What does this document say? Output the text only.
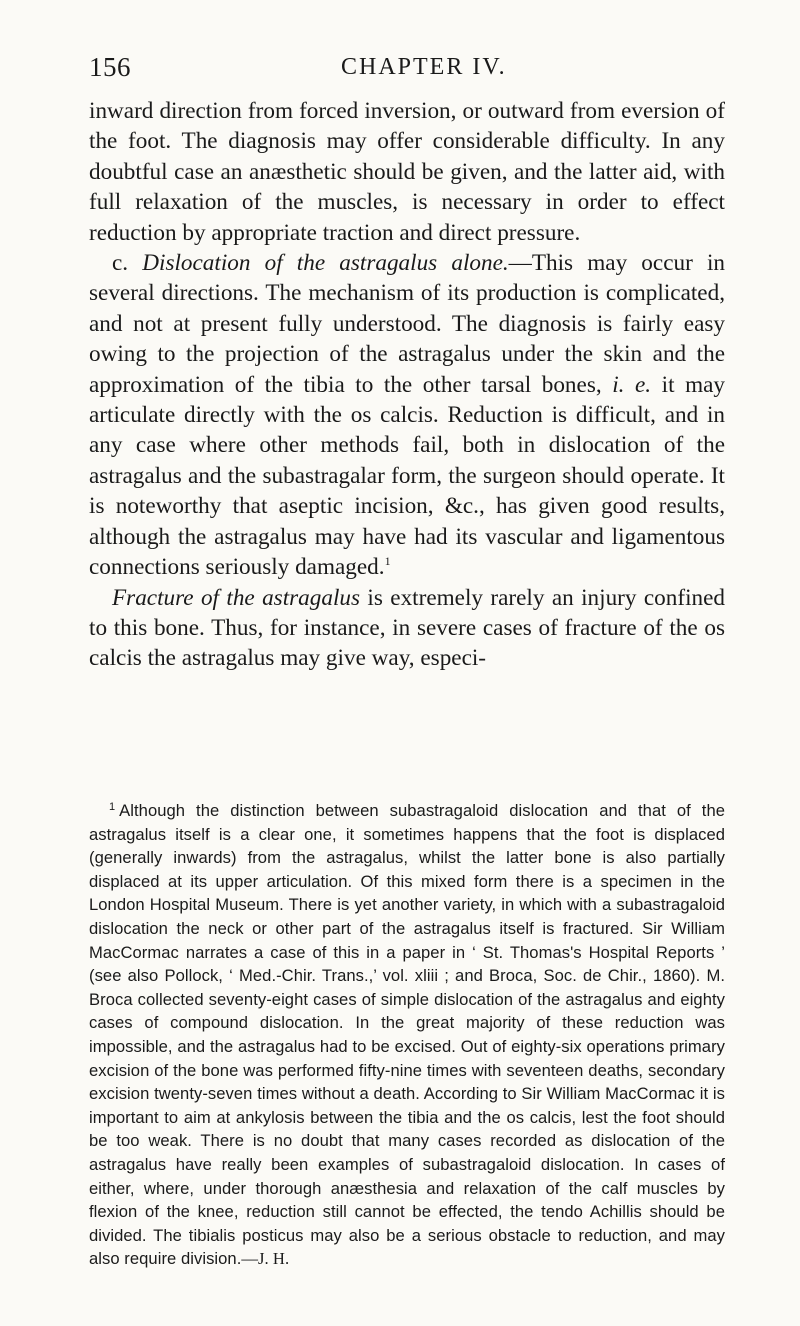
156	CHAPTER IV.

inward direction from forced inversion, or outward from eversion of the foot. The diagnosis may offer considerable difficulty. In any doubtful case an anæsthetic should be given, and the latter aid, with full relaxation of the muscles, is necessary in order to effect reduction by appropriate traction and direct pressure.

c. Dislocation of the astragalus alone.—This may occur in several directions. The mechanism of its production is complicated, and not at present fully understood. The diagnosis is fairly easy owing to the projection of the astragalus under the skin and the approximation of the tibia to the other tarsal bones, i. e. it may articulate directly with the os calcis. Reduction is difficult, and in any case where other methods fail, both in dislocation of the astragalus and the subastragalar form, the surgeon should operate. It is noteworthy that aseptic incision, &c., has given good results, although the astragalus may have had its vascular and ligamentous connections seriously damaged.$^1$

Fracture of the astragalus is extremely rarely an injury confined to this bone. Thus, for instance, in severe cases of fracture of the os calcis the astragalus may give way, especi-

$^1$ Although the distinction between subastragaloid dislocation and that of the astragalus itself is a clear one, it sometimes happens that the foot is displaced (generally inwards) from the astragalus, whilst the latter bone is also partially displaced at its upper articulation. Of this mixed form there is a specimen in the London Hospital Museum. There is yet another variety, in which with a subastragaloid dislocation the neck or other part of the astragalus itself is fractured. Sir William MacCormac narrates a case of this in a paper in ‘ St. Thomas's Hospital Reports ’ (see also Pollock, ‘ Med.-Chir. Trans.,’ vol. xliii ; and Broca, Soc. de Chir., 1860). M. Broca collected seventy-eight cases of simple dislocation of the astragalus and eighty cases of compound dislocation. In the great majority of these reduction was impossible, and the astragalus had to be excised. Out of eighty-six operations primary excision of the bone was performed fifty-nine times with seventeen deaths, secondary excision twenty-seven times without a death. According to Sir William MacCormac it is important to aim at ankylosis between the tibia and the os calcis, lest the foot should be too weak. There is no doubt that many cases recorded as dislocation of the astragalus have really been examples of subastragaloid dislocation. In cases of either, where, under thorough anæsthesia and relaxation of the calf muscles by flexion of the knee, reduction still cannot be effected, the tendo Achillis should be divided. The tibialis posticus may also be a serious obstacle to reduction, and may also require division.—J. H.
